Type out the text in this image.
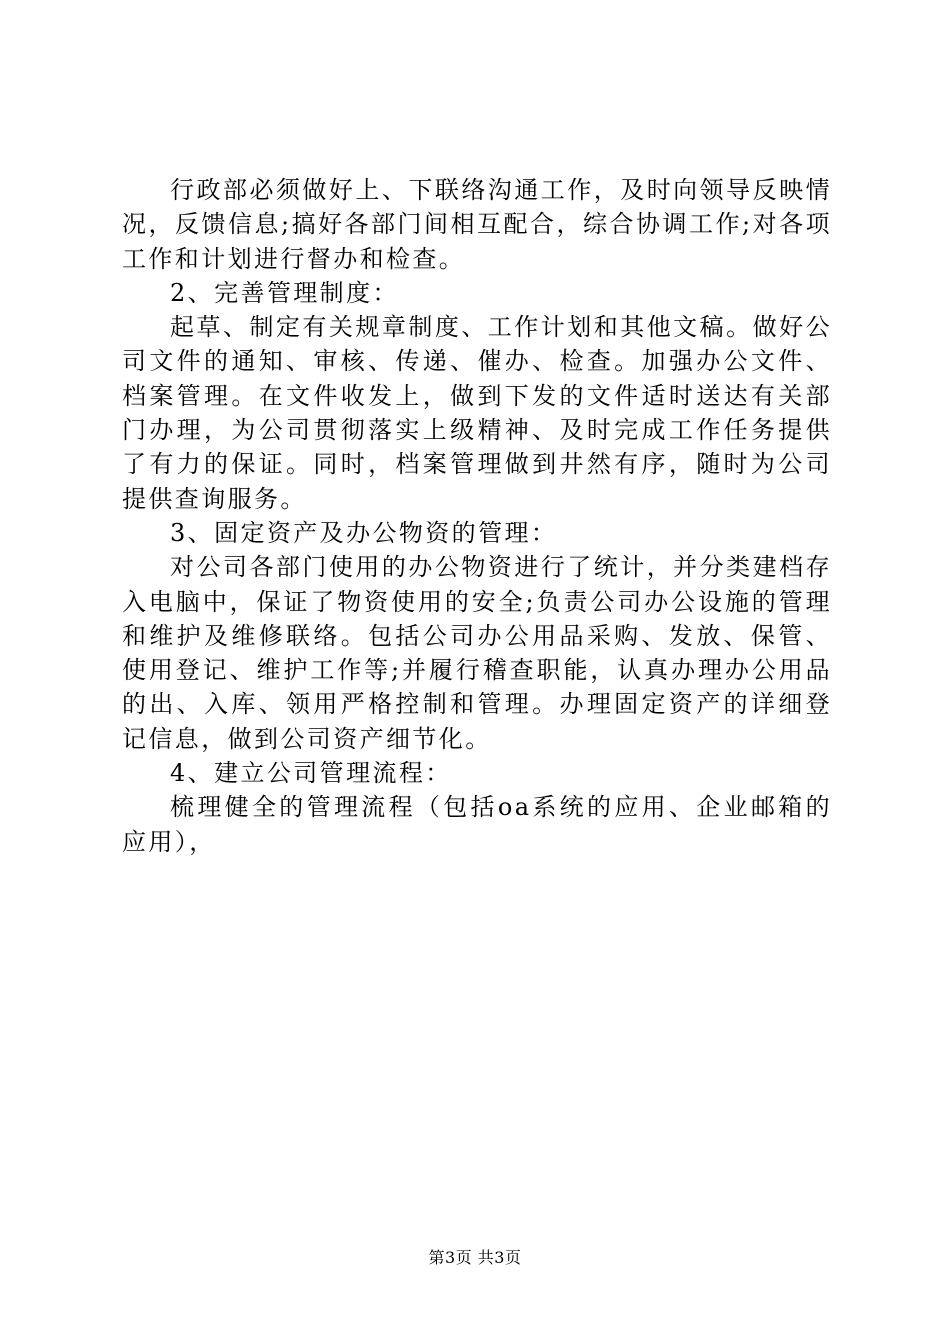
行政部必须做好上、下联络沟通工作，及时向领导反映情况，反馈信息;搞好各部门间相互配合，综合协调工作;对各项工作和计划进行督办和检查。

2、完善管理制度：

起草、制定有关规章制度、工作计划和其他文稿。做好公司文件的通知、审核、传递、催办、检查。加强办公文件、档案管理。在文件收发上，做到下发的文件适时送达有关部门办理，为公司贯彻落实上级精神、及时完成工作任务提供了有力的保证。同时，档案管理做到井然有序，随时为公司提供查询服务。

3、固定资产及办公物资的管理：

对公司各部门使用的办公物资进行了统计，并分类建档存入电脑中，保证了物资使用的安全;负责公司办公设施的管理和维护及维修联络。包括公司办公用品采购、发放、保管、使用登记、维护工作等;并履行稽查职能，认真办理办公用品的出、入库、领用严格控制和管理。办理固定资产的详细登记信息，做到公司资产细节化。

4、建立公司管理流程：

梳理健全的管理流程（包括oa系统的应用、企业邮箱的应用），

第3页 共3页
